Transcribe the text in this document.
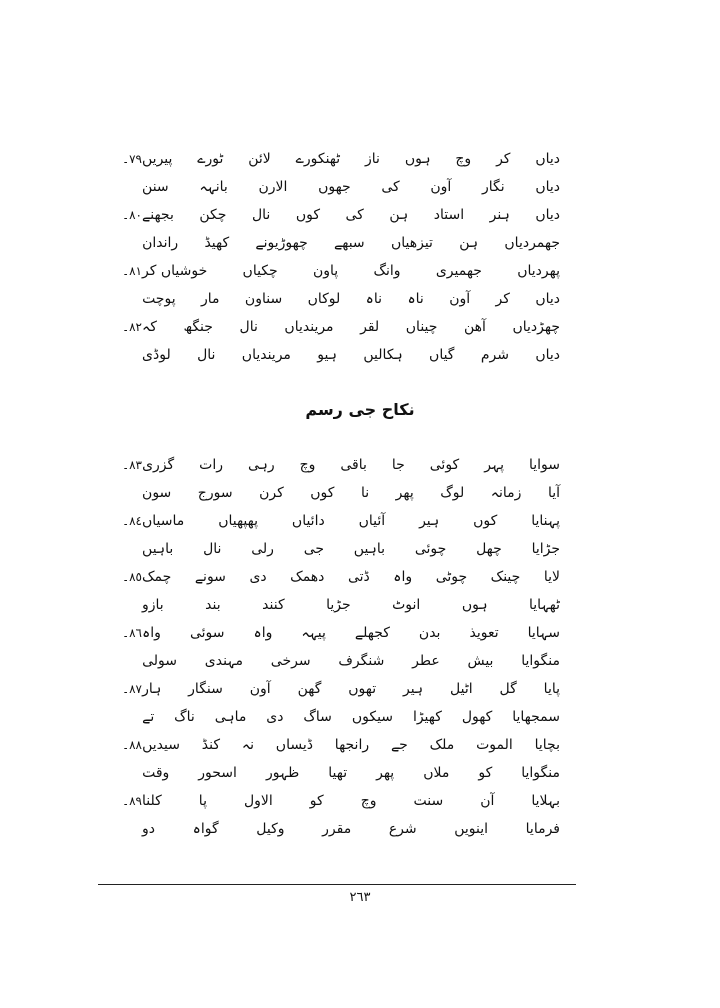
٧٩۔ پیریں ٹورے لائن ٹھنکورے ناز ہوں وچ کر دیاں
سنن بانہہ الارن جھوں کی آون نگار دیاں
٨٠۔ بجھنے چکن نال کوں کی ہن استاد ہنر دیاں
راندان کھیڈ چھوڑیونے سبھے تیزھیاں ہن جھمردیاں
٨١۔ خوشیاں کر	چکیاں	پاون	وانگ	جھمیری	پھردیاں
پوچت مار سناون لوکاں ناہ ناہ آون کر دیاں
٨٢۔ کہ جنگھ نال مریندیاں لقر چیناں آھن چھڑدیاں
لوڈی نال مریندیاں ہیو ہکالیں گیاں شرم دیاں
٨٣۔ گزری رات رہی وچ باقی جا کوئی پہر سوایا
سون سورج کرن کوں نا پھر لوگ زمانہ آیا
٨٤۔ ماسیاں پھپھیاں دائیاں آئیاں ہیر کوں پہنایا
باہیں نال رلی جی باہیں چوئی چھل جڑایا
٨٥۔ چمک سونے دی دھمک ڈتی واہ چوٹی چینک لایا
بازو	بند	کنند	جڑیا	انوٹ	ہوں	ٹھہایا
٨٦۔ واہ سوئی واہ پیہہ کجھلے بدن تعویذ سہایا
سولی مہندی سرخی شنگرف عطر بیش منگوایا
٨٧۔ ہار سنگار آون گھن تھوں ہیر اٹیل گل پایا
تے ناگ ماہی دی ساگ سیکوں کھیڑا کھول سمجھایا
٨٨۔ سیدیں کنڈ نہ ڈیساں رانجھا جے ملک الموت بچایا
وقت اسحور ظہور تھیا پھر ملاں کو منگوایا
٨٩۔ کلنا	پا	الاول	کو	وچ	سنت	آن	بہلایا
دو	گواہ	وکیل	مقرر	شرع	اینویں	فرمایا
نکاح جی رسم
٢٦٣
